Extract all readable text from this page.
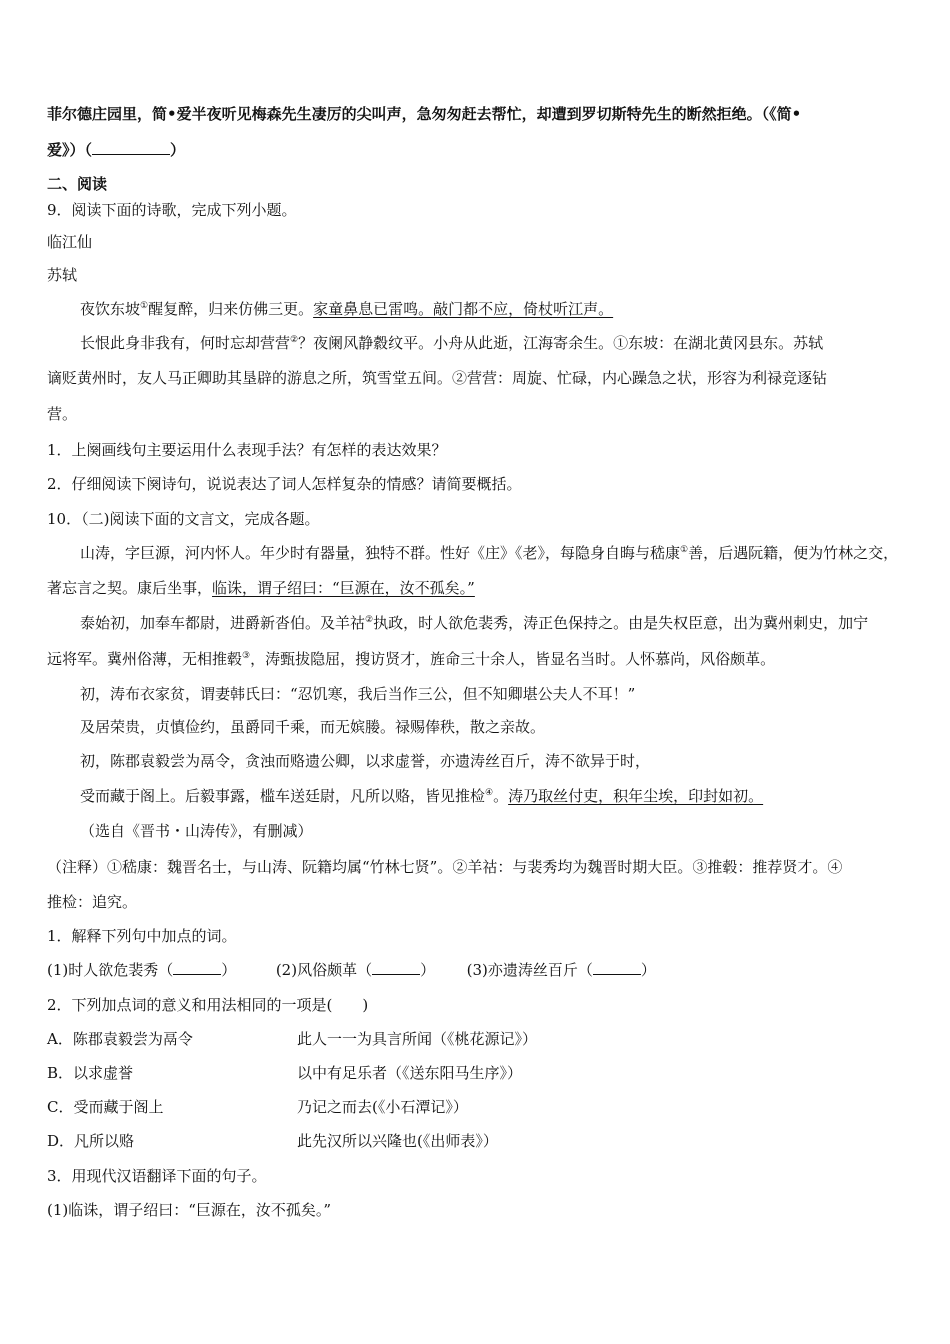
菲尔德庄园里，简•爱半夜听见梅森先生凄厉的尖叫声，急匆匆赶去帮忙，却遭到罗切斯特先生的断然拒绝。（《简•
爱》）（	）
二、阅读
9．阅读下面的诗歌，完成下列小题。
临江仙
苏轼
夜饮东坡①醒复醉，归来仿佛三更。家童鼻息已雷鸣。敲门都不应，倚杖听江声。
长恨此身非我有，何时忘却营营②？夜阑风静縠纹平。小舟从此逝，江海寄余生。①东坡：在湖北黄冈县东。苏轼
谪贬黄州时，友人马正卿助其垦辟的游息之所，筑雪堂五间。②营营：周旋、忙碌，内心躁急之状，形容为利禄竞逐钻
营。
1．上阕画线句主要运用什么表现手法？有怎样的表达效果？
2．仔细阅读下阕诗句，说说表达了词人怎样复杂的情感？请简要概括。
10．（二)阅读下面的文言文，完成各题。
山涛，字巨源，河内怀人。年少时有器量，独特不群。性好《庄》《老》，每隐身自晦与嵇康①善，后遇阮籍，便为竹林之交，
著忘言之契。康后坐事，临诛，谓子绍曰：“巨源在，汝不孤矣。”
泰始初，加奉车都尉，进爵新沓伯。及羊祜②执政，时人欲危裴秀，涛正色保持之。由是失权臣意，出为冀州刺史，加宁
远将军。冀州俗薄，无相推毂③，涛甄拔隐屈，搜访贤才，旌命三十余人，皆显名当时。人怀慕尚，风俗颇革。
初，涛布衣家贫，谓妻韩氏曰：“忍饥寒，我后当作三公，但不知卿堪公夫人不耳！”
及居荣贵，贞慎俭约，虽爵同千乘，而无嫔媵。禄赐俸秩，散之亲故。
初，陈郡袁毅尝为鬲令，贪浊而赂遗公卿，以求虚誉，亦遗涛丝百斤，涛不欲异于时，
受而藏于阁上。后毅事露，槛车送廷尉，凡所以赂，皆见推检④。涛乃取丝付吏，积年尘埃，印封如初。
（选自《晋书・山涛传》，有删减）
（注释）①嵇康：魏晋名士，与山涛、阮籍均属“竹林七贤”。②羊祜：与裴秀均为魏晋时期大臣。③推毂：推荐贤才。④
推检：追究。
1．解释下列句中加点的词。
(1)时人欲危裴秀（	）	(2)风俗颇革（	） (3)亦遗涛丝百斤（	）
2．下列加点词的意义和用法相同的一项是(　　)
A．陈郡袁毅尝为鬲令	此人一一为具言所闻（《桃花源记》）
B．以求虚誉	以中有足乐者（《送东阳马生序》）
C．受而藏于阁上	乃记之而去(《小石潭记》）
D．凡所以赂	此先汉所以兴隆也(《出师表》）
3．用现代汉语翻译下面的句子。
(1)临诛，谓子绍曰：“巨源在，汝不孤矣。”
